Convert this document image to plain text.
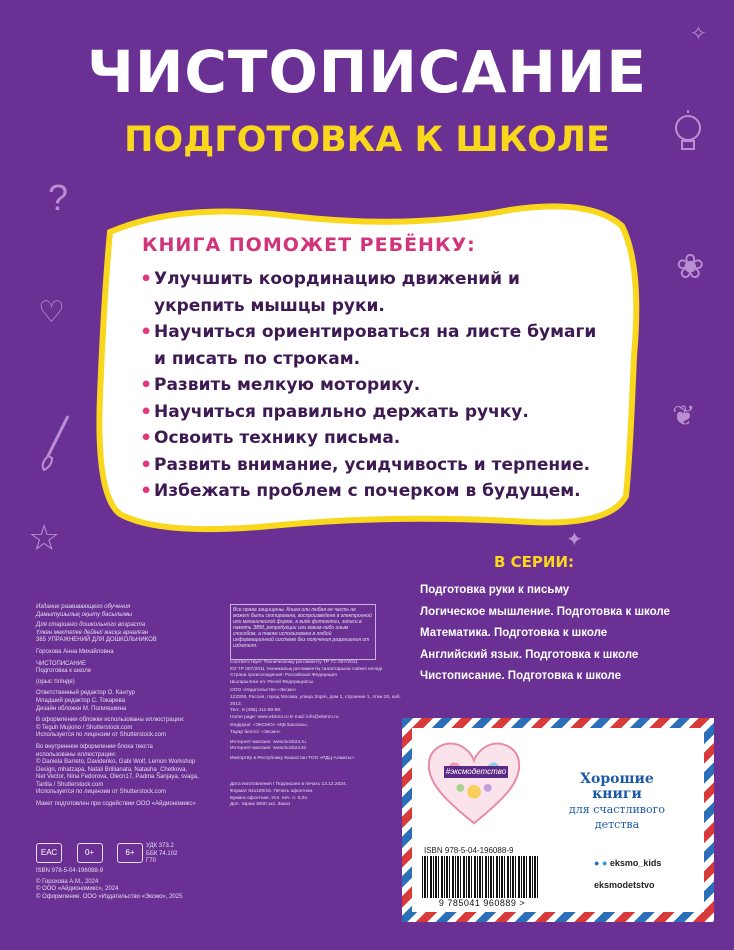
ЧИСТОПИСАНИЕ
ПОДГОТОВКА К ШКОЛЕ
?
♡
❀
☆
❦
✧
✦
КНИГА ПОМОЖЕТ РЕБЁНКУ:
• Улучшить координацию движений и укрепить мышцы руки.
• Научиться ориентироваться на листе бумаги и писать по строкам.
• Развить мелкую моторику.
• Научиться правильно держать ручку.
• Освоить технику письма.
• Развить внимание, усидчивость и терпение.
• Избежать проблем с почерком в будущем.
В СЕРИИ:
Подготовка руки к письму
Логическое мышление. Подготовка к школе
Математика. Подготовка к школе
Английский язык. Подготовка к школе
Чистописание. Подготовка к школе
Издание развивающего обучения
Дамытушылық оқыту басылымы
Для старшего дошкольного возраста
Үлкен мектепке дейінгі жасқа арналған
365 УПРАЖНЕНИЙ ДЛЯ ДОШКОЛЬНИКОВ
Горохова Анна Михайловна
ЧИСТОПИСАНИЕ
Подготовка к школе
(орыс тілінде)
Ответственный редактор О. Кантур
Младший редактор С. Токарева
Дизайн обложки М. Полияшкина
В оформлении обложки использованы иллюстрации:
© Teguh Mujiono / Shutterstock.com
Используется по лицензии от Shutterstock.com
Во внутреннем оформлении блока текста
использованы иллюстрации:
© Daniela Barreto, Davidenko, Gabi Wolf, Lemon Workshop
Design, mhatzapa, Natali Brillianata, Natasha_Chetkova,
Net Vector, Nina Fedorova, Olecn17, Padma Sanjaya, svaga,
Tartila / Shutterstock.com
Используется по лицензии от Shutterstock.com
Макет подготовлен при содействии ООО «Айдиономикс»
ЕАС	0+	6+
УДК 373.2
ББК 74.102
Г70
ISBN 978-5-04-196088-9
© Горохова А.М., 2024
© ООО «Айдиономикс», 2024
© Оформление. ООО «Издательство «Эксмо», 2025
Все права защищены. Книга или любая ее часть не может быть скопирована, воспроизведена в электронной или механической форме, в виде фотокопии, записи в память ЭВМ, репродукции или каким-либо иным способом, а также использована в любой информационной системе без получения разрешения от издателя.
Соответствует Техническому регламенту ТР ТС 007/2011
КО ТР 007/2011 техникалық регламентің талаптарына сәйкес келеді
Страна происхождения: Российская Федерация
Шығарылған ел: Ресей Федерациясы
ООО «Издательство «Эксмо»
123308, Россия, город Москва, улица Зорге, дом 1, строение 1, этаж 20, каб. 2013.
Тел.: 8 (495) 411-68-86.
Home page: www.eksmo.ru E-mail: info@eksmo.ru
Өндіруші: «ЭКСМО» АҚБ Баспасы,
Тауар белгісі: «Эксмо»
Интернет-магазин: www.book24.ru
Интернет-магазин: www.book24.kz
Импортёр в Республику Казахстан ТОО «РДЦ-Алматы».
Дата изготовления / Подписано в печать 13.12.2024.
Формат 84x100/16. Печать офсетная.
Бумага офсетная. Усл. печ. л. 5,04.
Доп. тираж 3000 экз. Заказ
#эксмодетство	Хорошие
книги
для счастливого
детства
ISBN 978-5-04-196088-9
9 785041 960889 >
● ● eksmo_kids
eksmodetstvo
